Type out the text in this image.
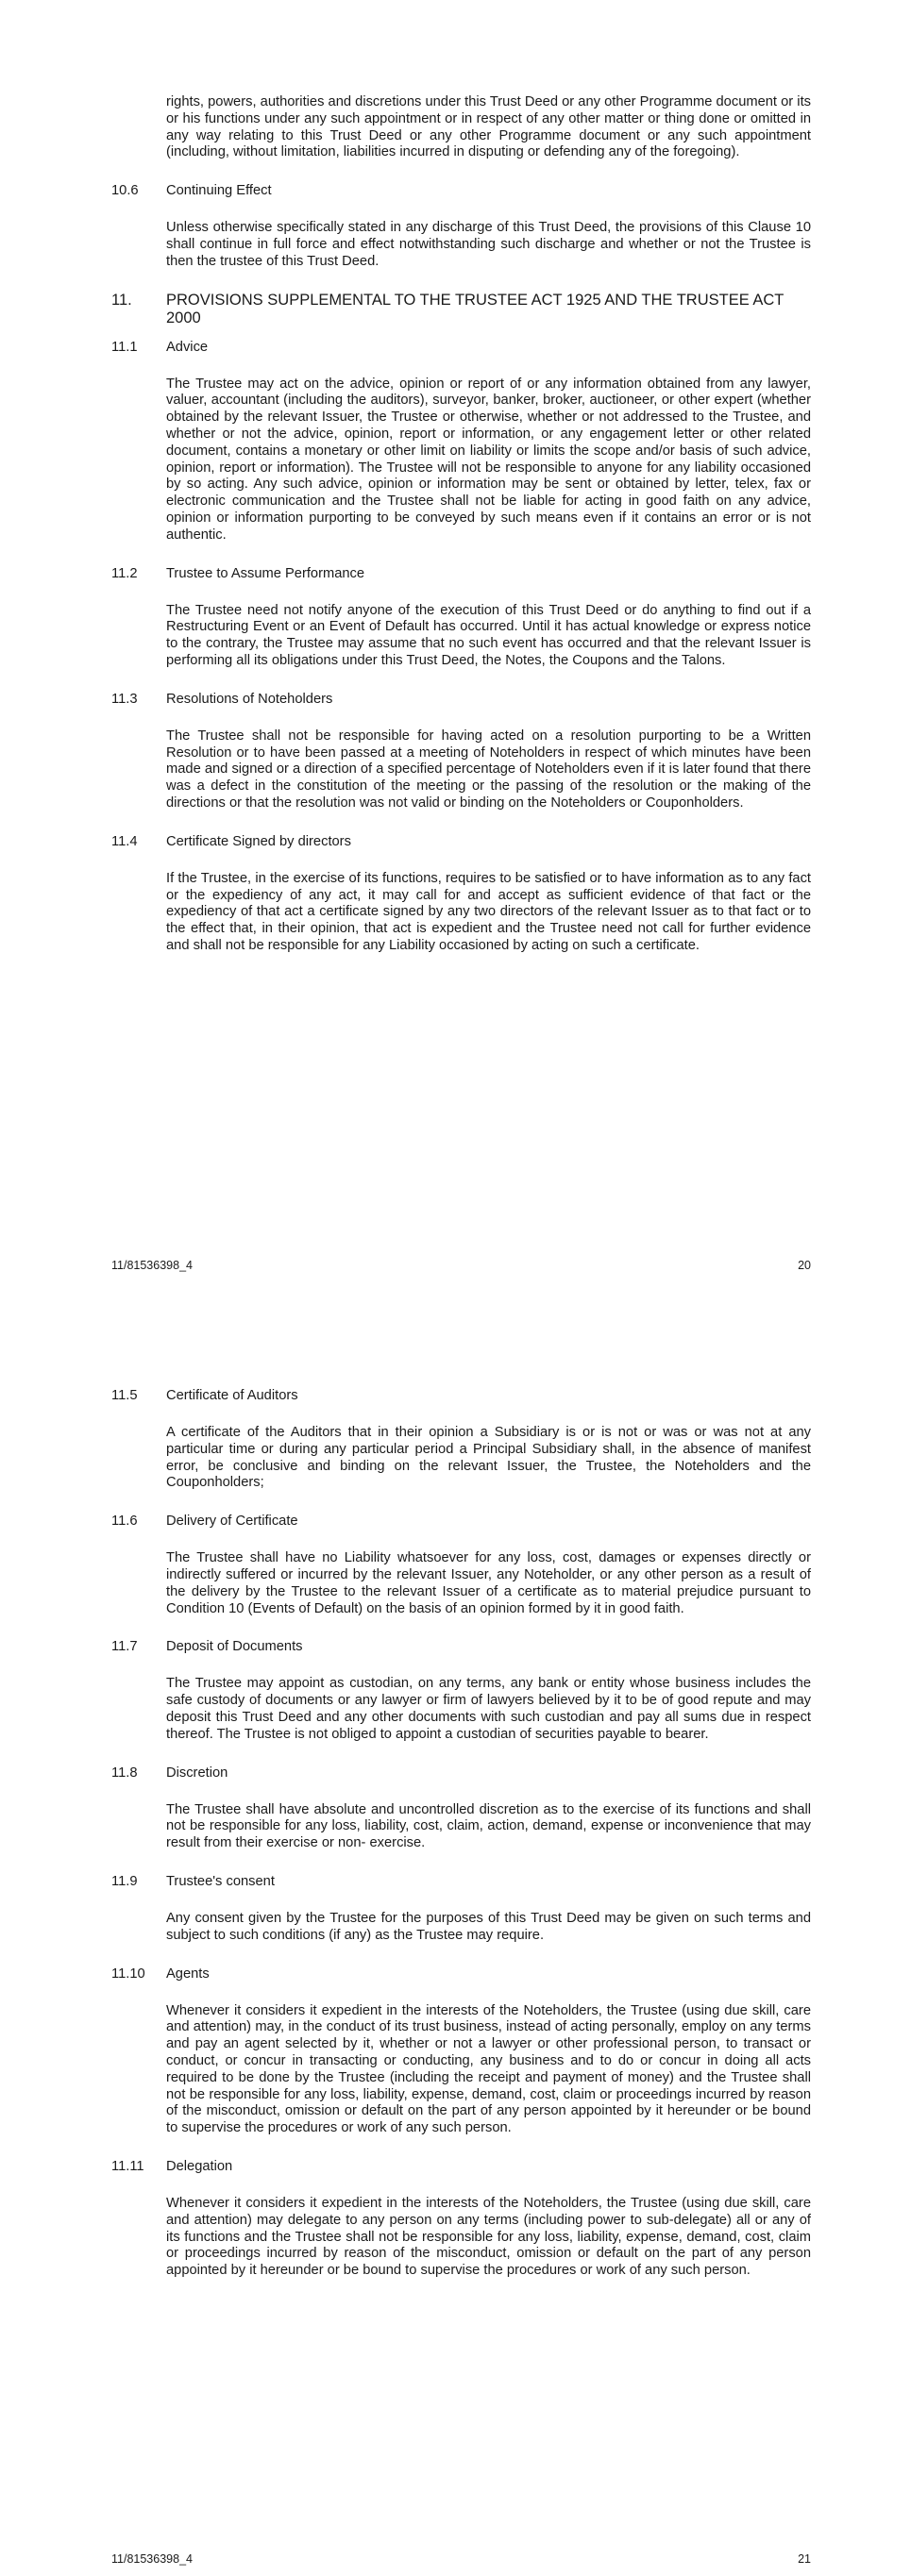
rights, powers, authorities and discretions under this Trust Deed or any other Programme document or its or his functions under any such appointment or in respect of any other matter or thing done or omitted in any way relating to this Trust Deed or any other Programme document or any such appointment (including, without limitation, liabilities incurred in disputing or defending any of the foregoing).

10.6 Continuing Effect

Unless otherwise specifically stated in any discharge of this Trust Deed, the provisions of this Clause 10 shall continue in full force and effect notwithstanding such discharge and whether or not the Trustee is then the trustee of this Trust Deed.

11. PROVISIONS SUPPLEMENTAL TO THE TRUSTEE ACT 1925 AND THE TRUSTEE ACT 2000
11.1 Advice

The Trustee may act on the advice, opinion or report of or any information obtained from any lawyer, valuer, accountant (including the auditors), surveyor, banker, broker, auctioneer, or other expert (whether obtained by the relevant Issuer, the Trustee or otherwise, whether or not addressed to the Trustee, and whether or not the advice, opinion, report or information, or any engagement letter or other related document, contains a monetary or other limit on liability or limits the scope and/or basis of such advice, opinion, report or information). The Trustee will not be responsible to anyone for any liability occasioned by so acting. Any such advice, opinion or information may be sent or obtained by letter, telex, fax or electronic communication and the Trustee shall not be liable for acting in good faith on any advice, opinion or information purporting to be conveyed by such means even if it contains an error or is not authentic.

11.2 Trustee to Assume Performance

The Trustee need not notify anyone of the execution of this Trust Deed or do anything to find out if a Restructuring Event or an Event of Default has occurred. Until it has actual knowledge or express notice to the contrary, the Trustee may assume that no such event has occurred and that the relevant Issuer is performing all its obligations under this Trust Deed, the Notes, the Coupons and the Talons.

11.3 Resolutions of Noteholders

The Trustee shall not be responsible for having acted on a resolution purporting to be a Written Resolution or to have been passed at a meeting of Noteholders in respect of which minutes have been made and signed or a direction of a specified percentage of Noteholders even if it is later found that there was a defect in the constitution of the meeting or the passing of the resolution or the making of the directions or that the resolution was not valid or binding on the Noteholders or Couponholders.

11.4 Certificate Signed by directors

If the Trustee, in the exercise of its functions, requires to be satisfied or to have information as to any fact or the expediency of any act, it may call for and accept as sufficient evidence of that fact or the expediency of that act a certificate signed by any two directors of the relevant Issuer as to that fact or to the effect that, in their opinion, that act is expedient and the Trustee need not call for further evidence and shall not be responsible for any Liability occasioned by acting on such a certificate.

11/81536398_4	20
11.5 Certificate of Auditors

A certificate of the Auditors that in their opinion a Subsidiary is or is not or was or was not at any particular time or during any particular period a Principal Subsidiary shall, in the absence of manifest error, be conclusive and binding on the relevant Issuer, the Trustee, the Noteholders and the Couponholders;

11.6 Delivery of Certificate

The Trustee shall have no Liability whatsoever for any loss, cost, damages or expenses directly or indirectly suffered or incurred by the relevant Issuer, any Noteholder, or any other person as a result of the delivery by the Trustee to the relevant Issuer of a certificate as to material prejudice pursuant to Condition 10 (Events of Default) on the basis of an opinion formed by it in good faith.

11.7 Deposit of Documents

The Trustee may appoint as custodian, on any terms, any bank or entity whose business includes the safe custody of documents or any lawyer or firm of lawyers believed by it to be of good repute and may deposit this Trust Deed and any other documents with such custodian and pay all sums due in respect thereof. The Trustee is not obliged to appoint a custodian of securities payable to bearer.

11.8 Discretion

The Trustee shall have absolute and uncontrolled discretion as to the exercise of its functions and shall not be responsible for any loss, liability, cost, claim, action, demand, expense or inconvenience that may result from their exercise or non- exercise.

11.9 Trustee's consent

Any consent given by the Trustee for the purposes of this Trust Deed may be given on such terms and subject to such conditions (if any) as the Trustee may require.

11.10 Agents

Whenever it considers it expedient in the interests of the Noteholders, the Trustee (using due skill, care and attention) may, in the conduct of its trust business, instead of acting personally, employ on any terms and pay an agent selected by it, whether or not a lawyer or other professional person, to transact or conduct, or concur in transacting or conducting, any business and to do or concur in doing all acts required to be done by the Trustee (including the receipt and payment of money) and the Trustee shall not be responsible for any loss, liability, expense, demand, cost, claim or proceedings incurred by reason of the misconduct, omission or default on the part of any person appointed by it hereunder or be bound to supervise the procedures or work of any such person.

11.11 Delegation

Whenever it considers it expedient in the interests of the Noteholders, the Trustee (using due skill, care and attention) may delegate to any person on any terms (including power to sub-delegate) all or any of its functions and the Trustee shall not be responsible for any loss, liability, expense, demand, cost, claim or proceedings incurred by reason of the misconduct, omission or default on the part of any person appointed by it hereunder or be bound to supervise the procedures or work of any such person.

11/81536398_4	21
